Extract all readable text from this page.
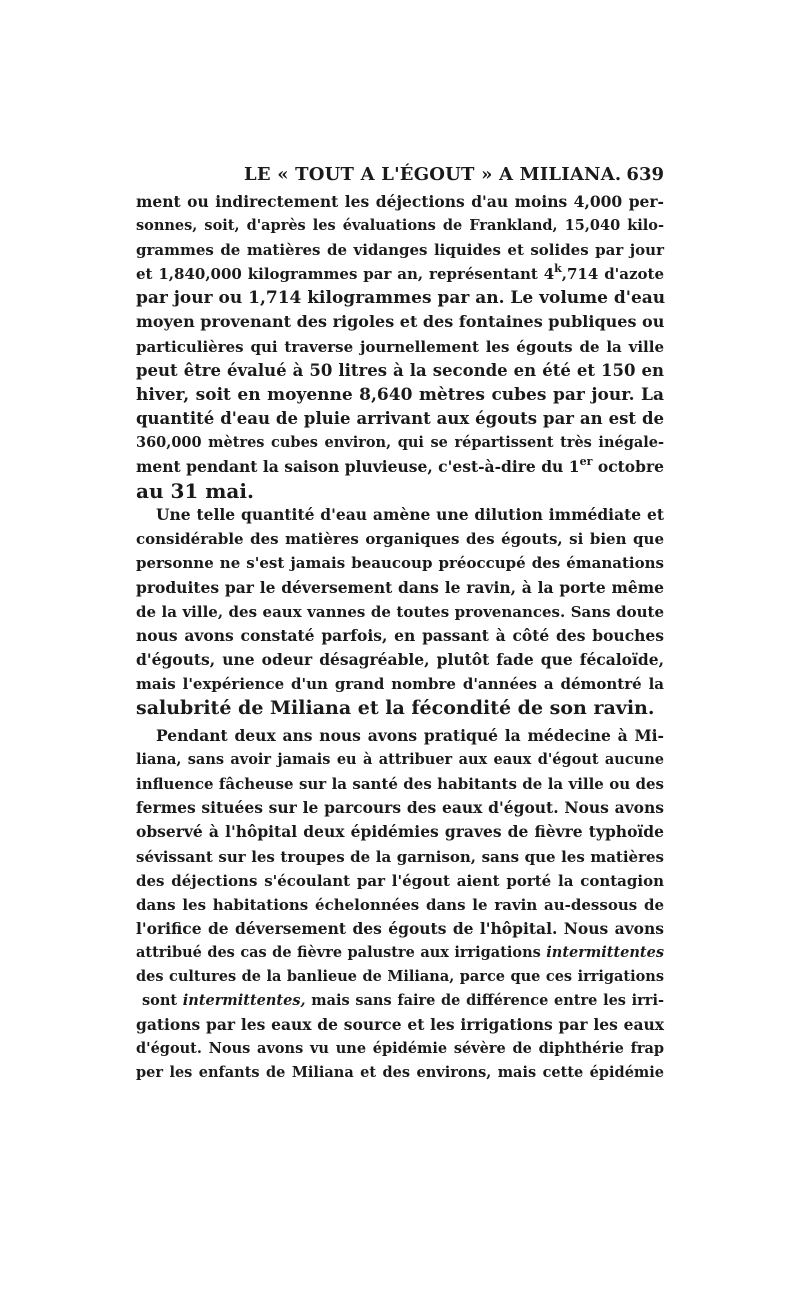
LE « TOUT A L'ÉGOUT » A MILIANA. 639
ment ou indirectement les déjections d'au moins 4,000 per-
sonnes, soit, d'après les évaluations de Frankland, 15,040 kilo-
grammes de matières de vidanges liquides et solides par jour
et 1,840,000 kilogrammes par an, représentant 4$^k$,714 d'azote
par jour ou 1,714 kilogrammes par an. Le volume d'eau
moyen provenant des rigoles et des fontaines publiques ou
particulières qui traverse journellement les égouts de la ville
peut être évalué à 50 litres à la seconde en été et 150 en
hiver, soit en moyenne 8,640 mètres cubes par jour. La
quantité d'eau de pluie arrivant aux égouts par an est de
360,000 mètres cubes environ, qui se répartissent très inégale-
ment pendant la saison pluvieuse, c'est-à-dire du 1er octobre
au 31 mai.
Une telle quantité d'eau amène une dilution immédiate et
considérable des matières organiques des égouts, si bien que
personne ne s'est jamais beaucoup préoccupé des émanations
produites par le déversement dans le ravin, à la porte même
de la ville, des eaux vannes de toutes provenances. Sans doute
nous avons constaté parfois, en passant à côté des bouches
d'égouts, une odeur désagréable, plutôt fade que fécaloïde,
mais l'expérience d'un grand nombre d'années a démontré la
salubrité de Miliana et la fécondité de son ravin.
Pendant deux ans nous avons pratiqué la médecine à Mi-
liana, sans avoir jamais eu à attribuer aux eaux d'égout aucune
influence fâcheuse sur la santé des habitants de la ville ou des
fermes situées sur le parcours des eaux d'égout. Nous avons
observé à l'hôpital deux épidémies graves de fièvre typhoïde
sévissant sur les troupes de la garnison, sans que les matières
des déjections s'écoulant par l'égout aient porté la contagion
dans les habitations échelonnées dans le ravin au-dessous de
l'orifice de déversement des égouts de l'hôpital. Nous avons
attribué des cas de fièvre palustre aux irrigations intermittentes
des cultures de la banlieue de Miliana, parce que ces irrigations
sont intermittentes, mais sans faire de différence entre les irri-
gations par les eaux de source et les irrigations par les eaux
d'égout. Nous avons vu une épidémie sévère de diphthérie frap
per les enfants de Miliana et des environs, mais cette épidémie
